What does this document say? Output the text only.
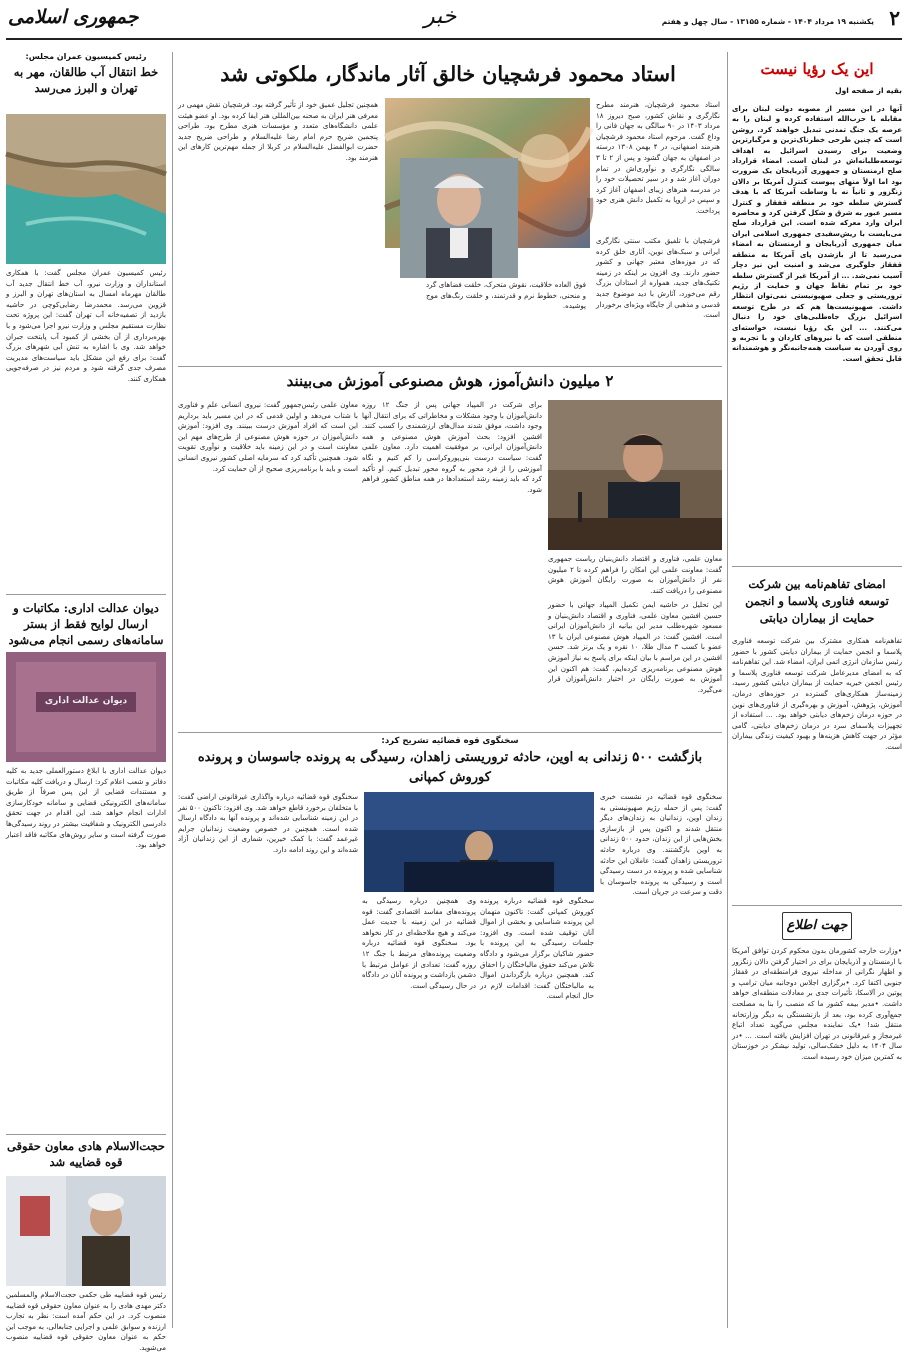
۲
یکشنبه ۱۹ مرداد ۱۴۰۴ - شماره ۱۳۱۵۵ - سال چهل و هفتم
خبر
جمهوری اسلامی
این یک رؤیا نیست
بقیه از صفحه اول
آنها در این مسیر از مصوبه دولت لبنان برای مقابله با حزب‌الله استفاده کرده و لبنان را به عرصه یک جنگ تمدنی تبدیل خواهند کرد. روشن است که چنین طرحی خطرناک‌ترین و مرگبارترین وضعیت برای رسیدن اسرائیل به اهداف توسعه‌طلبانه‌اش در لبنان است. امضاء قرارداد صلح ارمنستان و جمهوری آذربایجان یک ضرورت بود اما اولاً منهای پیوست کنترل آمریکا بر دالان زنگزور و ثانیاً نه با وساطت آمریکا که با هدف گسترش سلطه خود بر منطقه قفقاز و کنترل مسیر عبور به شرق و شکل گرفتن کرد و محاصره ایران وارد معرکه شده است. این قرارداد صلح می‌بایست با ریش‌سفیدی جمهوری اسلامی ایران میان جمهوری آذربایجان و ارمنستان به امضاء می‌رسید تا از بازشدن پای آمریکا به منطقه قفقاز جلوگیری می‌شد و امنیت این نیز دچار آسیب نمی‌شد. ... از آمریکا غیر از گسترش سلطه خود بر تمام نقاط جهان و حمایت از رژیم تروریستی و جعلی صهیونیستی نمی‌توان انتظار داشت. صهیونیست‌ها هم که در طرح توسعه اسرائیل بزرگ جاه‌طلبی‌های خود را دنبال می‌کنند. ... این یک رؤیا نیست، خواسته‌ای منطقی است که با نیروهای کاردان و با تجربه و روی آوردن به سیاست همه‌جانبه‌نگر و هوشمندانه قابل تحقق است.
امضای تفاهم‌نامه بین شرکت توسعه فناوری پلاسما و انجمن حمایت از بیماران دیابتی
تفاهم‌نامه همکاری مشترک بین شرکت توسعه فناوری پلاسما و انجمن حمایت از بیماران دیابتی کشور با حضور رئیس سازمان انرژی اتمی ایران، امضاء شد. این تفاهم‌نامه که به امضای مدیرعامل شرکت توسعه فناوری پلاسما و رئیس انجمن خیریه حمایت از بیماران دیابتی کشور رسید، زمینه‌ساز همکاری‌های گسترده در حوزه‌های درمان، آموزش، پژوهش، آموزش و بهره‌گیری از فناوری‌های نوین در حوزه درمان زخم‌های دیابتی خواهد بود. ... استفاده از تجهیزات پلاسمای سرد در درمان زخم‌های دیابتی، گامی مؤثر در جهت کاهش هزینه‌ها و بهبود کیفیت زندگی بیماران است.
جهت اطلاع
•وزارت خارجه کشورمان بدون محکوم کردن توافق آمریکا با ارمنستان و آذربایجان برای در اختیار گرفتن دالان زنگزور و اظهار نگرانی از مداخله نیروی فرامنطقه‌ای در قفقاز جنوبی اکتفا کرد. •برگزاری اجلاس دوجانبه میان ترامپ و پوتین در آلاسکا، تأثیرات جدی بر معادلات منطقه‌ای خواهد داشت. •مدیر بیمه کشور ما که منصب را بنا به مصلحت جمع‌آوری کرده بود، بعد از بازنشستگی به دیگر وزارتخانه منتقل شد! •یک نماینده مجلس می‌گوید تعداد اتباع غیرمجاز و غیرقانونی در تهران افزایش یافته است. ... •در سال ۱۴۰۴ به دلیل خشک‌سالی، تولید نیشکر در خوزستان به کمترین میزان خود رسیده است.
استاد محمود فرشچیان خالق آثار ماندگار، ملکوتی شد
استاد محمود فرشچیان، هنرمند مطرح نگارگری و نقاش کشور، صبح دیروز ۱۸ مرداد ۱۴۰۳ در ۹۰ سالگی به جهان فانی را وداع گفت. مرحوم استاد محمود فرشچیان هنرمند اصفهانی، در ۴ بهمن ۱۳۰۸ درسته در اصفهان به جهان گشود و پس از ۲ تا ۳ سالگی نگارگری و نوآوری‌اش در تمام دوران آغاز شد و در سیر تحصیلات خود را در مدرسه هنرهای زیبای اصفهان آغاز کرد و سپس در اروپا به تکمیل دانش هنری خود پرداخت.
فرشچیان با تلفیق مکتب سنتی نگارگری ایرانی و سبک‌های نوین، آثاری خلق کرده که در موزه‌های معتبر جهانی و کشور حضور دارند. وی افزون بر اینکه در زمینه تکنیک‌های جدید، همواره از استادان بزرگ رقم می‌خورد، آثارش با دید موضوع جدید قدسی و مذهبی از جایگاه ویژه‌ای برخوردار است.
فوق العاده خلاقیت، نقوش متحرک، خلقت فضاهای گرد و منحنی، خطوط نرم و قدرتمند، و خلقت رنگ‌های موج پوشیده.
همچنین تجلیل عمیق خود از تأثیر گرفته بود. فرشچیان نقش مهمی در معرفی هنر ایران به صحنه بین‌المللی هنر ایفا کرده بود. او عضو هیئت علمی دانشگاه‌های متعدد و مؤسسات هنری مطرح بود. طراحی پنجمین ضریح حرم امام رضا علیه‌السلام و طراحی ضریح جدید حضرت ابوالفضل علیه‌السلام در کربلا از جمله مهم‌ترین کارهای این هنرمند بود.
۲ میلیون دانش‌آموز، هوش مصنوعی آموزش می‌بینند
معاون علمی، فناوری و اقتصاد دانش‌بنیان ریاست جمهوری گفت: معاونت علمی این امکان را فراهم کرده تا ۲ میلیون نفر از دانش‌آموزان به صورت رایگان آموزش هوش مصنوعی را دریافت کنند.
این تحلیل در حاشیه ایمن تکمیل المپیاد جهانی با حضور حسین افشین معاون علمی، فناوری و اقتصاد دانش‌بنیان و مسعود شهره‌طلب مدیر این بیانیه از دانش‌آموزان ایرانی است. افشین گفت: در المپیاد هوش مصنوعی ایران با ۱۳ عضو با کسب ۳ مدال طلا، ۱۰ نقره و یک برنز شد. حسن افشین در این مراسم با بیان اینکه برای پاسخ به نیاز آموزش هوش مصنوعی برنامه‌ریزی کرده‌ایم، گفت: هم اکنون این آموزش به صورت رایگان در اختیار دانش‌آموزان قرار می‌گیرد.
برای شرکت در المپیاد جهانی پس از جنگ ۱۲ روزه دانش‌آموزان با وجود مشکلات و مخاطراتی که برای انتقال آنها وجود داشت، موفق شدند مدال‌های ارزشمندی را کسب کنند. افشین افزود: بحث آموزش هوش مصنوعی و همه دانش‌آموزان ایرانی، بر موفقیت اهمیت دارد. معاون علمی گفت: سیاست درست بنی‌پوروکراسی را کم کنیم و نگاه آموزشی را از فرد محور به گروه محور تبدیل کنیم. او تأکید کرد که باید زمینه رشد استعدادها در همه مناطق کشور فراهم شود.
معاون علمی رئیس‌جمهور گفت: نیروی انسانی علم و فناوری با شتاب می‌دهد و اولین قدمی که در این مسیر باید برداریم این است که افراد آموزش درست ببینند. وی افزود: آموزش دانش‌آموزان در حوزه هوش مصنوعی از طرح‌های مهم این معاونت است و در این زمینه باید خلاقیت و نوآوری تقویت شود. همچنین تأکید کرد که سرمایه اصلی کشور نیروی انسانی است و باید با برنامه‌ریزی صحیح از آن حمایت کرد.
سخنگوی قوه قضائیه تشریح کرد:
بازگشت ۵۰۰ زندانی به اوین، حادثه تروریستی زاهدان، رسیدگی به پرونده جاسوسان و پرونده کوروش کمپانی
سخنگوی قوه قضائیه در نشست خبری گفت: پس از حمله رژیم صهیونیستی به زندان اوین، زندانیان به زندان‌های دیگر منتقل شدند و اکنون پس از بازسازی بخش‌هایی از این زندان، حدود ۵۰۰ زندانی به اوین بازگشتند. وی درباره حادثه تروریستی زاهدان گفت: عاملان این حادثه شناسایی شده و پرونده در دست رسیدگی است و رسیدگی به پرونده جاسوسان با دقت و سرعت در جریان است.
سخنگوی قوه قضائیه درباره پرونده کوروش کمپانی گفت: تاکنون متهمان این پرونده شناسایی و بخشی از اموال آنان توقیف شده است. وی افزود: جلسات رسیدگی به این پرونده با حضور شاکیان برگزار می‌شود و دادگاه تلاش می‌کند حقوق مالباختگان را احقاق کند. همچنین درباره بازگرداندن اموال به مالباختگان گفت: اقدامات لازم در حال انجام است.
وی همچنین درباره رسیدگی به پرونده‌های مفاسد اقتصادی گفت: قوه قضائیه در این زمینه با جدیت عمل می‌کند و هیچ ملاحظه‌ای در کار نخواهد بود. سخنگوی قوه قضائیه درباره وضعیت پرونده‌های مرتبط با جنگ ۱۲ روزه گفت: تعدادی از عوامل مرتبط با دشمن بازداشت و پرونده آنان در دادگاه در حال رسیدگی است.
سخنگوی قوه قضائیه درباره واگذاری غیرقانونی اراضی گفت: با متخلفان برخورد قاطع خواهد شد. وی افزود: تاکنون ۵۰۰ نفر در این زمینه شناسایی شده‌اند و پرونده آنها به دادگاه ارسال شده است. همچنین در خصوص وضعیت زندانیان جرایم غیرعمد گفت: با کمک خیرین، شماری از این زندانیان آزاد شده‌اند و این روند ادامه دارد.
رئیس کمیسیون عمران مجلس:
خط انتقال آب طالقان، مهر به تهران و البرز می‌رسد
رئیس کمیسیون عمران مجلس گفت: با همکاری استانداران و وزارت نیرو، آب خط انتقال جدید آب طالقان مهرماه امسال به استان‌های تهران و البرز و قزوین می‌رسد. محمدرضا رضایی‌کوچی در حاشیه بازدید از تصفیه‌خانه آب تهران گفت: این پروژه تحت نظارت مستقیم مجلس و وزارت نیرو اجرا می‌شود و با بهره‌برداری از آن بخشی از کمبود آب پایتخت جبران خواهد شد. وی با اشاره به تنش آبی شهرهای بزرگ گفت: برای رفع این مشکل باید سیاست‌های مدیریت مصرف جدی گرفته شود و مردم نیز در صرفه‌جویی همکاری کنند.
دیوان عدالت اداری: مکاتبات و ارسال لوایح فقط از بستر سامانه‌های رسمی انجام می‌شود
دیوان عدالت اداری
دیوان عدالت اداری با ابلاغ دستورالعملی جدید به کلیه دفاتر و شعب اعلام کرد: ارسال و دریافت کلیه مکاتبات و مستندات قضایی از این پس صرفاً از طریق سامانه‌های الکترونیکی قضایی و سامانه خودکارسازی ادارات انجام خواهد شد. این اقدام در جهت تحقق دادرسی الکترونیک و شفافیت بیشتر در روند رسیدگی‌ها صورت گرفته است و سایر روش‌های مکاتبه فاقد اعتبار خواهد بود.
حجت‌الاسلام هادی معاون حقوقی قوه قضاییه شد
رئیس قوه قضاییه طی حکمی حجت‌الاسلام والمسلمین دکتر مهدی هادی را به عنوان معاون حقوقی قوه قضاییه منصوب کرد. در این حکم آمده است: نظر به تجارب ارزنده و سوابق علمی و اجرایی جنابعالی، به موجب این حکم به عنوان معاون حقوقی قوه قضاییه منصوب می‌شوید.
